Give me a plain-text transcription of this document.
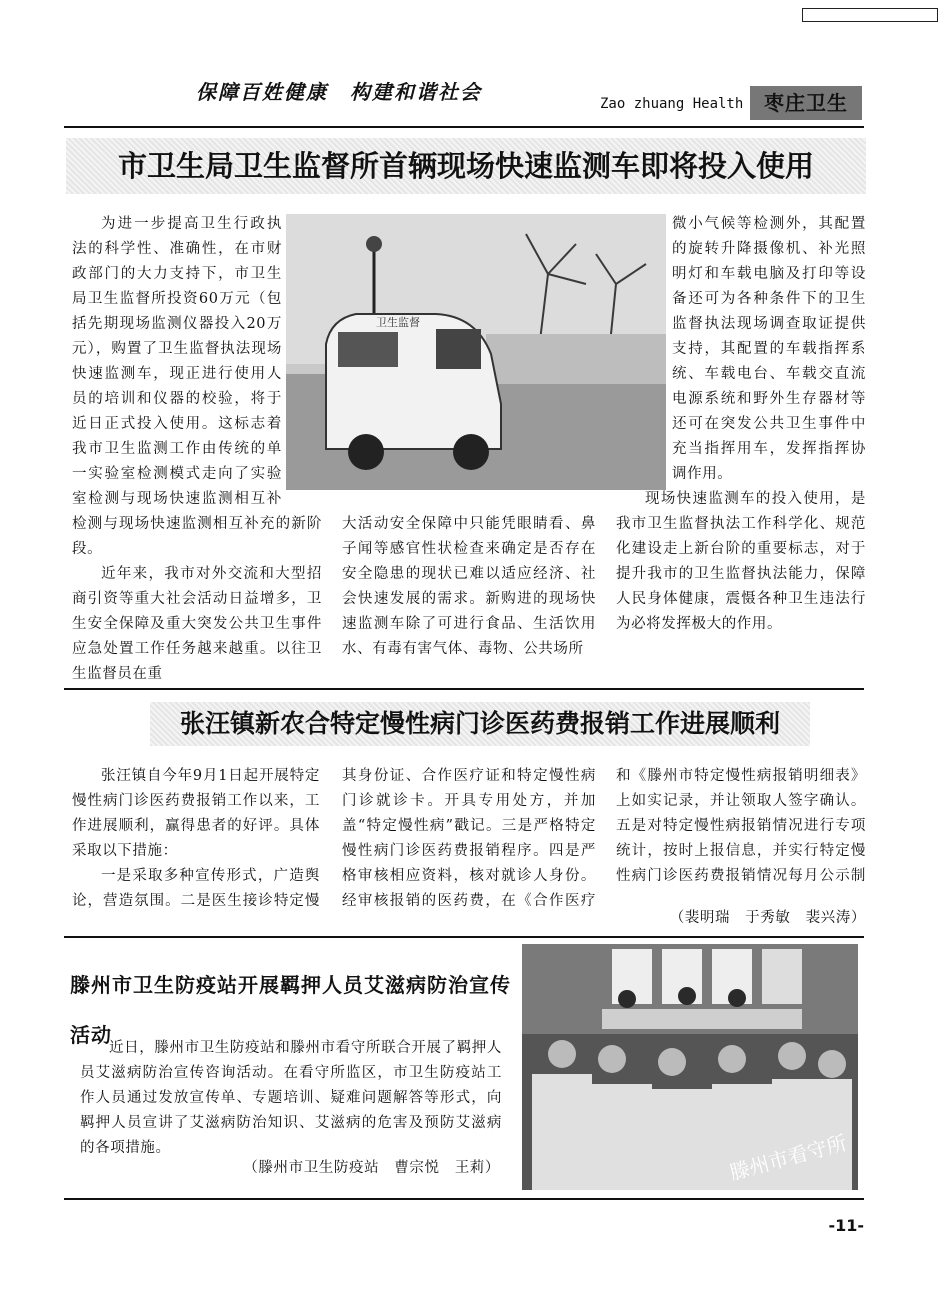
保障百姓健康　构建和谐社会	Zao zhuang Health	枣庄卫生
市卫生局卫生监督所首辆现场快速监测车即将投入使用

为进一步提高卫生行政执法的科学性、准确性，在市财政部门的大力支持下，市卫生局卫生监督所投资60万元（包括先期现场监测仪器投入20万元），购置了卫生监督执法现场快速监测车，现正进行使用人员的培训和仪器的校验，将于近日正式投入使用。这标志着我市卫生监测工作由传统的单一实验室检测模式走向了实验室检测与现场快速监测相互补

检测与现场快速监测相互补充的新阶段。

近年来，我市对外交流和大型招商引资等重大社会活动日益增多，卫生安全保障及重大突发公共卫生事件应急处置工作任务越来越重。以往卫生监督员在重

卫生监督

大活动安全保障中只能凭眼睛看、鼻子闻等感官性状检查来确定是否存在安全隐患的现状已难以适应经济、社会快速发展的需求。新购进的现场快速监测车除了可进行食品、生活饮用水、有毒有害气体、毒物、公共场所

微小气候等检测外，其配置的旋转升降摄像机、补光照明灯和车载电脑及打印等设备还可为各种条件下的卫生监督执法现场调查取证提供支持，其配置的车载指挥系统、车载电台、车载交直流电源系统和野外生存器材等还可在突发公共卫生事件中充当指挥用车，发挥指挥协调作用。

现场快速监测车的投入使用，是我市卫生监督执法工作科学化、规范化建设走上新台阶的重要标志，对于提升我市的卫生监督执法能力，保障人民身体健康，震慑各种卫生违法行为必将发挥极大的作用。

张汪镇新农合特定慢性病门诊医药费报销工作进展顺利

张汪镇自今年9月1日起开展特定慢性病门诊医药费报销工作以来，工作进展顺利，赢得患者的好评。具体采取以下措施：

一是采取多种宣传形式，广造舆论，营造氛围。二是医生接诊特定慢

其身份证、合作医疗证和特定慢性病门诊就诊卡。开具专用处方，并加盖“特定慢性病”戳记。三是严格特定慢性病门诊医药费报销程序。四是严格审核相应资料，核对就诊人身份。经审核报销的医药费，在《合作医疗

和《滕州市特定慢性病报销明细表》上如实记录，并让领取人签字确认。五是对特定慢性病报销情况进行专项统计，按时上报信息，并实行特定慢性病门诊医药费报销情况每月公示制

（裴明瑞　于秀敏　裴兴涛）
滕州市卫生防疫站开展羁押人员艾滋病防治宣传活动

近日，滕州市卫生防疫站和滕州市看守所联合开展了羁押人员艾滋病防治宣传咨询活动。在看守所监区，市卫生防疫站工作人员通过发放宣传单、专题培训、疑难问题解答等形式，向羁押人员宣讲了艾滋病防治知识、艾滋病的危害及预防艾滋病的各项措施。

（滕州市卫生防疫站　曹宗悦　王莉）	滕州市看守所
-11-
